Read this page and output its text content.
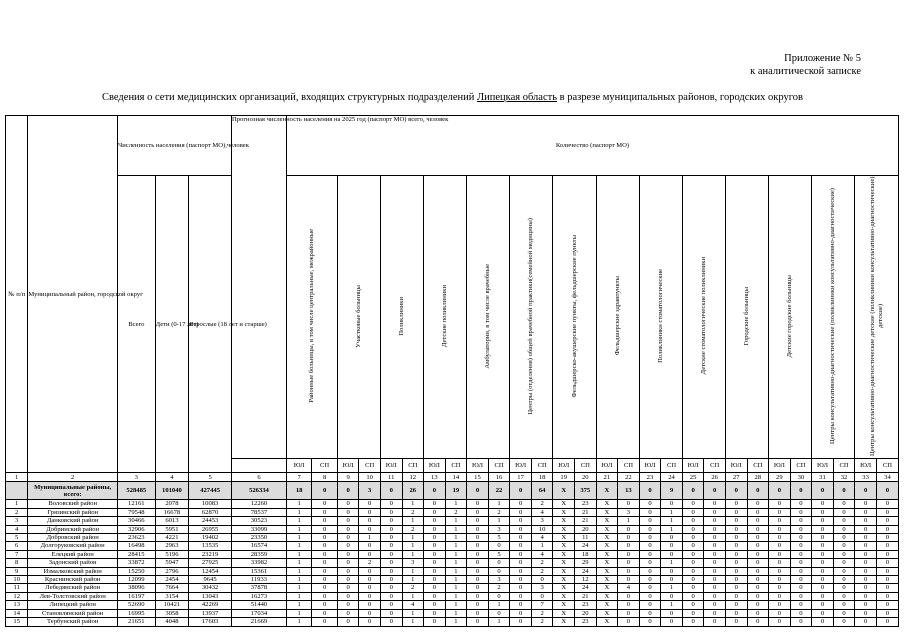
Приложение № 5
к аналитической записке
Сведения о сети медицинских организаций, входящих структурных подразделений Липецкая область в разрезе муниципальных районов, городских округов
№ п/п	Муниципальный район, городской округ	Численность населения (паспорт МО),человек			Прогнозная численность населения на 2025 год (паспорт МО) всего, человек	Количество (паспорт МО)																											
		Всего	Дети (0-17 лет)	Взрослые (18 лет и старше)		Районные больницы, в том числе центральные, межрайонные		Участковые больницы		Поликлиники		Детские поликлиники		Амбулатории, в том числе врачебные		Центры (отделения) общей врачебной практики(семейной медицины)		Фельдшерско-акушерские пункты, фельдшерские пункты		Фельдшерские здравпункты		Поликлиники стоматологические		Детские стоматологические поликлиники		Городские больницы		Детские городские больницы		Центры консультативно-диагностические (поликлиники консультативно-диагностические)		Центры консультативно-диагностические детские (поликлиники консультативно-диагностические) детские)	
						ЮЛ	СП	ЮЛ	СП	ЮЛ	СП	ЮЛ	СП	ЮЛ	СП	ЮЛ	СП	ЮЛ	СП	ЮЛ	СП	ЮЛ	СП	ЮЛ	СП	ЮЛ	СП	ЮЛ	СП	ЮЛ	СП	ЮЛ	СП
1	2	3	4	5	6	7	8	9	10	11	12	13	14	15	16	17	18	19	20	21	22	23	24	25	26	27	28	29	30	31	32	33	34
	Муниципальные районы, всего:	528485	101040	427445	526334	18	0	0	3	0	26	0	19	0	22	0	64	X	375	X	13	0	9	0	0	0	0	0	0	0	0	0	0
1	Воловский район	12161	2078	10083	12260	1	0	0	0	0	1	0	1	0	1	0	2	X	23	X	0	0	0	0	0	0	0	0	0	0	0	0	0
2	Грязинский район	79548	16678	62870	78537	1	0	0	0	0	2	0	2	0	2	0	4	X	21	X	3	0	1	0	0	0	0	0	0	0	0	0	0
3	Данковский район	30466	6013	24453	30523	1	0	0	0	0	1	0	1	0	1	0	3	X	21	X	1	0	1	0	0	0	0	0	0	0	0	0	0
4	Добринский район	32906	5951	26955	33099	1	0	0	0	0	2	0	1	0	3	0	10	X	20	X	0	0	1	0	0	0	0	0	0	0	0	0	0
5	Добровский район	23623	4221	19402	23350	1	0	0	1	0	1	0	1	0	5	0	4	X	11	X	0	0	0	0	0	0	0	0	0	0	0	0	0
6	Долгоруковский район	16498	2963	13535	16574	1	0	0	0	0	1	0	1	0	0	0	1	X	24	X	0	0	0	0	0	0	0	0	0	0	0	0	0
7	Елецкий район	28415	5196	23219	28359	1	0	0	0	0	1	0	1	0	5	0	4	X	18	X	0	0	0	0	0	0	0	0	0	0	0	0	0
8	Задонский район	33872	5947	27925	33982	1	0	0	2	0	3	0	1	0	0	0	2	X	29	X	0	0	1	0	0	0	0	0	0	0	0	0	0
9	Измалковский район	15250	2796	12454	15361	1	0	0	0	0	1	0	1	0	0	0	2	X	24	X	0	0	0	0	0	0	0	0	0	0	0	0	0
10	Краснинский район	12099	2454	9645	11933	1	0	0	0	0	1	0	1	0	3	0	0	X	12	X	0	0	0	0	0	0	0	0	0	0	0	0	0
11	Лебедянский район	38096	7664	30432	37878	1	0	0	0	0	2	0	1	0	2	0	3	X	24	X	4	0	1	0	0	0	0	0	0	0	0	0	0
12	Лев-Толстовский район	16197	3154	13043	16273	1	0	0	0	0	1	0	1	0	0	0	0	X	21	X	0	0	0	0	0	0	0	0	0	0	0	0	0
13	Липецкий район	52690	10421	42269	51440	1	0	0	0	0	4	0	1	0	1	0	7	X	23	X	0	0	1	0	0	0	0	0	0	0	0	0	0
14	Становлянский район	16995	3058	13937	17034	1	0	0	0	0	1	0	1	0	0	0	2	X	20	X	0	0	0	0	0	0	0	0	0	0	0	0	0
15	Тербунский район	21651	4048	17603	21669	1	0	0	0	0	1	0	1	0	1	0	2	X	23	X	0	0	0	0	0	0	0	0	0	0	0	0	0
